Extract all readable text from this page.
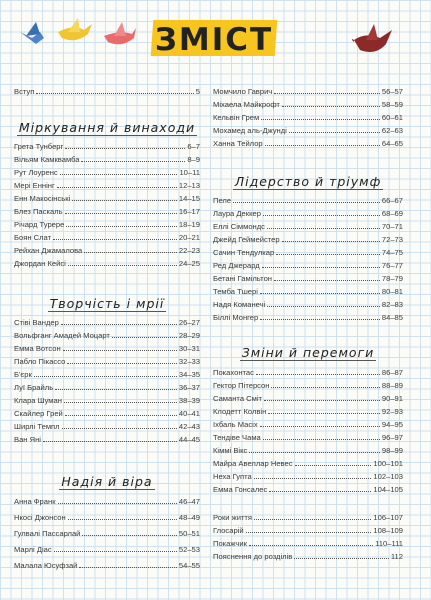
ЗМІСТ
Вступ	5
Міркування й винаходи
Грета Тунберг	6–7
Вільям Камквамба	8–9
Рут Лоуренс	10–11
Мері Еннінг	12–13
Енн Макосінські	14–15
Блез Паскаль	16–17
Річард Турере	18–19
Боян Слат	20–21
Рейхан Джамалова	22–23
Джордан Кейсі	24–25
Творчість і мрії
Стіві Вандер	26–27
Вольфганг Амадей Моцарт	28–29
Емма Вотсон	30–31
Пабло Пікассо	32–33
Б'єрк	34–35
Луї Брайль	36–37
Клара Шуман	38–39
Скайлер Грей	40–41
Ширлі Темпл	42–43
Ван Яні	44–45
Надія й віра
Анна Франк	46–47
Нкосі Джонсон	48–49
Гулвалі Пассарлай	50–51
Марлі Діас	52–53
Малала Юсуфзай	54–55
Момчило Гаврич	56–57
Міхаела Майкрофт	58–59
Кельвін Грем	60–61
Мохамед аль-Джунді	62–63
Ханна Тейлор	64–65
Лідерство й тріумф
Пеле	66–67
Лаура Деккер	68–69
Еллі Сіммондс	70–71
Джейд Геймейстер	72–73
Сачин Тендулкар	74–75
Ред Джерард	76–77
Бетані Гамільтон	78–79
Темба Тшері	80–81
Надя Команечі	82–83
Біллі Монгер	84–85
Зміни й перемоги
Покахонтас	86–87
Гектор Пітерсон	88–89
Саманта Сміт	90–91
Клодетт Колвін	92–93
Іхбаль Масіх	94–95
Тендіве Чама	96–97
Кіммі Вікс	98–99
Майра Авеллар Невес	100–101
Неха Гупта	102–103
Емма Гонсалес	104–105
Роки життя	106–107
Глосарій	108–109
Покажчик	110–111
Пояснення до розділів	112
